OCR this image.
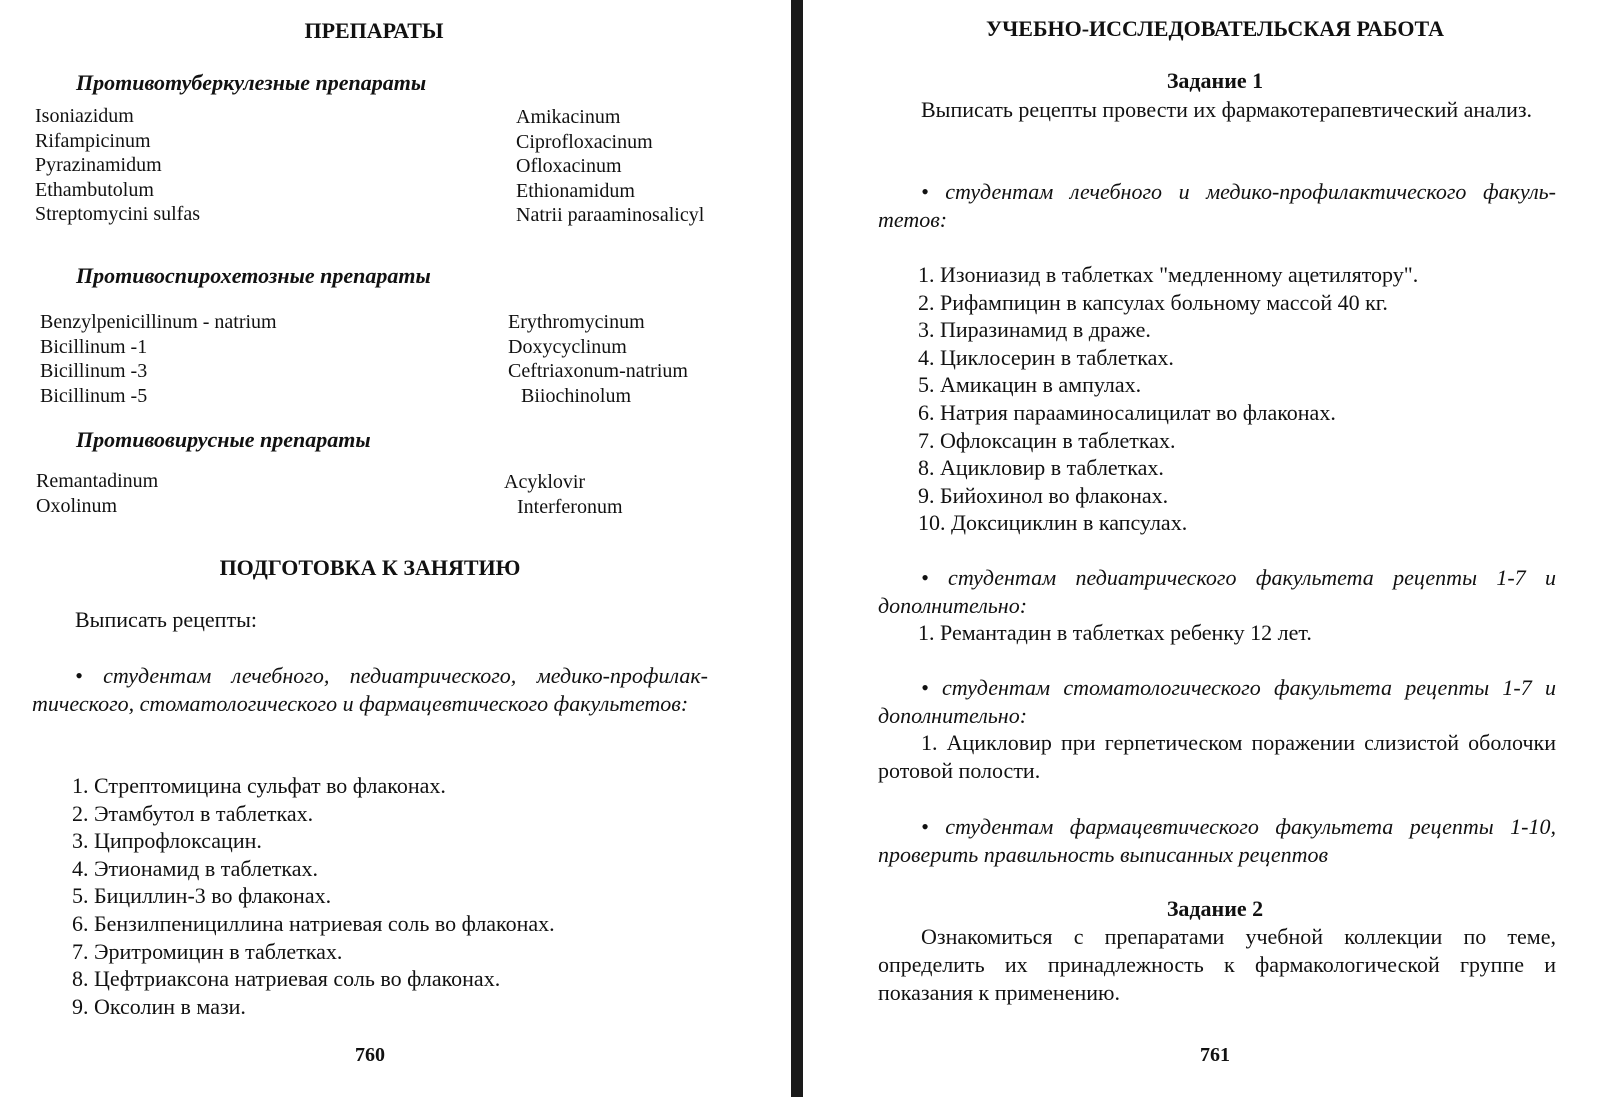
ПРЕПАРАТЫ
Противотуберкулезные препараты
Isoniazidum
Rifampicinum
Pyrazinamidum
Ethambutolum
Streptomycini sulfas
Amikacinum
Ciprofloxacinum
Ofloxacinum
Ethionamidum
Natrii paraaminosalicyl
Противоспирохетозные препараты
Benzylpenicillinum - natrium
Bicillinum -1
Bicillinum -3
Bicillinum -5
Erythromycinum
Doxycyclinum
Ceftriaxonum-natrium
Biiochinolum
Противовирусные препараты
Remantadinum
Oxolinum
Acyklovir
Interferonum
ПОДГОТОВКА К ЗАНЯТИЮ
Выписать рецепты:
• студентам лечебного, педиатрического, медико-профилактического, стоматологического и фармацевтического факультетов:
1. Стрептомицина сульфат во флаконах.
2. Этамбутол в таблетках.
3. Ципрофлоксацин.
4. Этионамид в таблетках.
5. Бициллин-3 во флаконах.
6. Бензилпенициллина натриевая соль во флаконах.
7. Эритромицин в таблетках.
8. Цефтриаксона натриевая соль во флаконах.
9. Оксолин в мази.
760
УЧЕБНО-ИССЛЕДОВАТЕЛЬСКАЯ РАБОТА
Задание 1
Выписать рецепты провести их фармакотерапевтический анализ.
• студентам лечебного и медико-профилактического факультетов:
1. Изониазид в таблетках "медленному ацетилятору".
2. Рифампицин в капсулах больному массой 40 кг.
3. Пиразинамид в драже.
4. Циклосерин в таблетках.
5. Амикацин в ампулах.
6. Натрия парааминосалицилат во флаконах.
7. Офлоксацин в таблетках.
8. Ацикловир в таблетках.
9. Бийохинол во флаконах.
10. Доксициклин в капсулах.
• студентам педиатрического факультета рецепты 1-7 и дополнительно:
1. Ремантадин в таблетках ребенку 12 лет.
• студентам стоматологического факультета рецепты 1-7 и дополнительно:
1. Ацикловир при герпетическом поражении слизистой оболочки ротовой полости.
• студентам фармацевтического факультета рецепты 1-10, проверить правильность выписанных рецептов
Задание 2
Ознакомиться с препаратами учебной коллекции по теме, определить их принадлежность к фармакологической группе и показания к применению.
761
